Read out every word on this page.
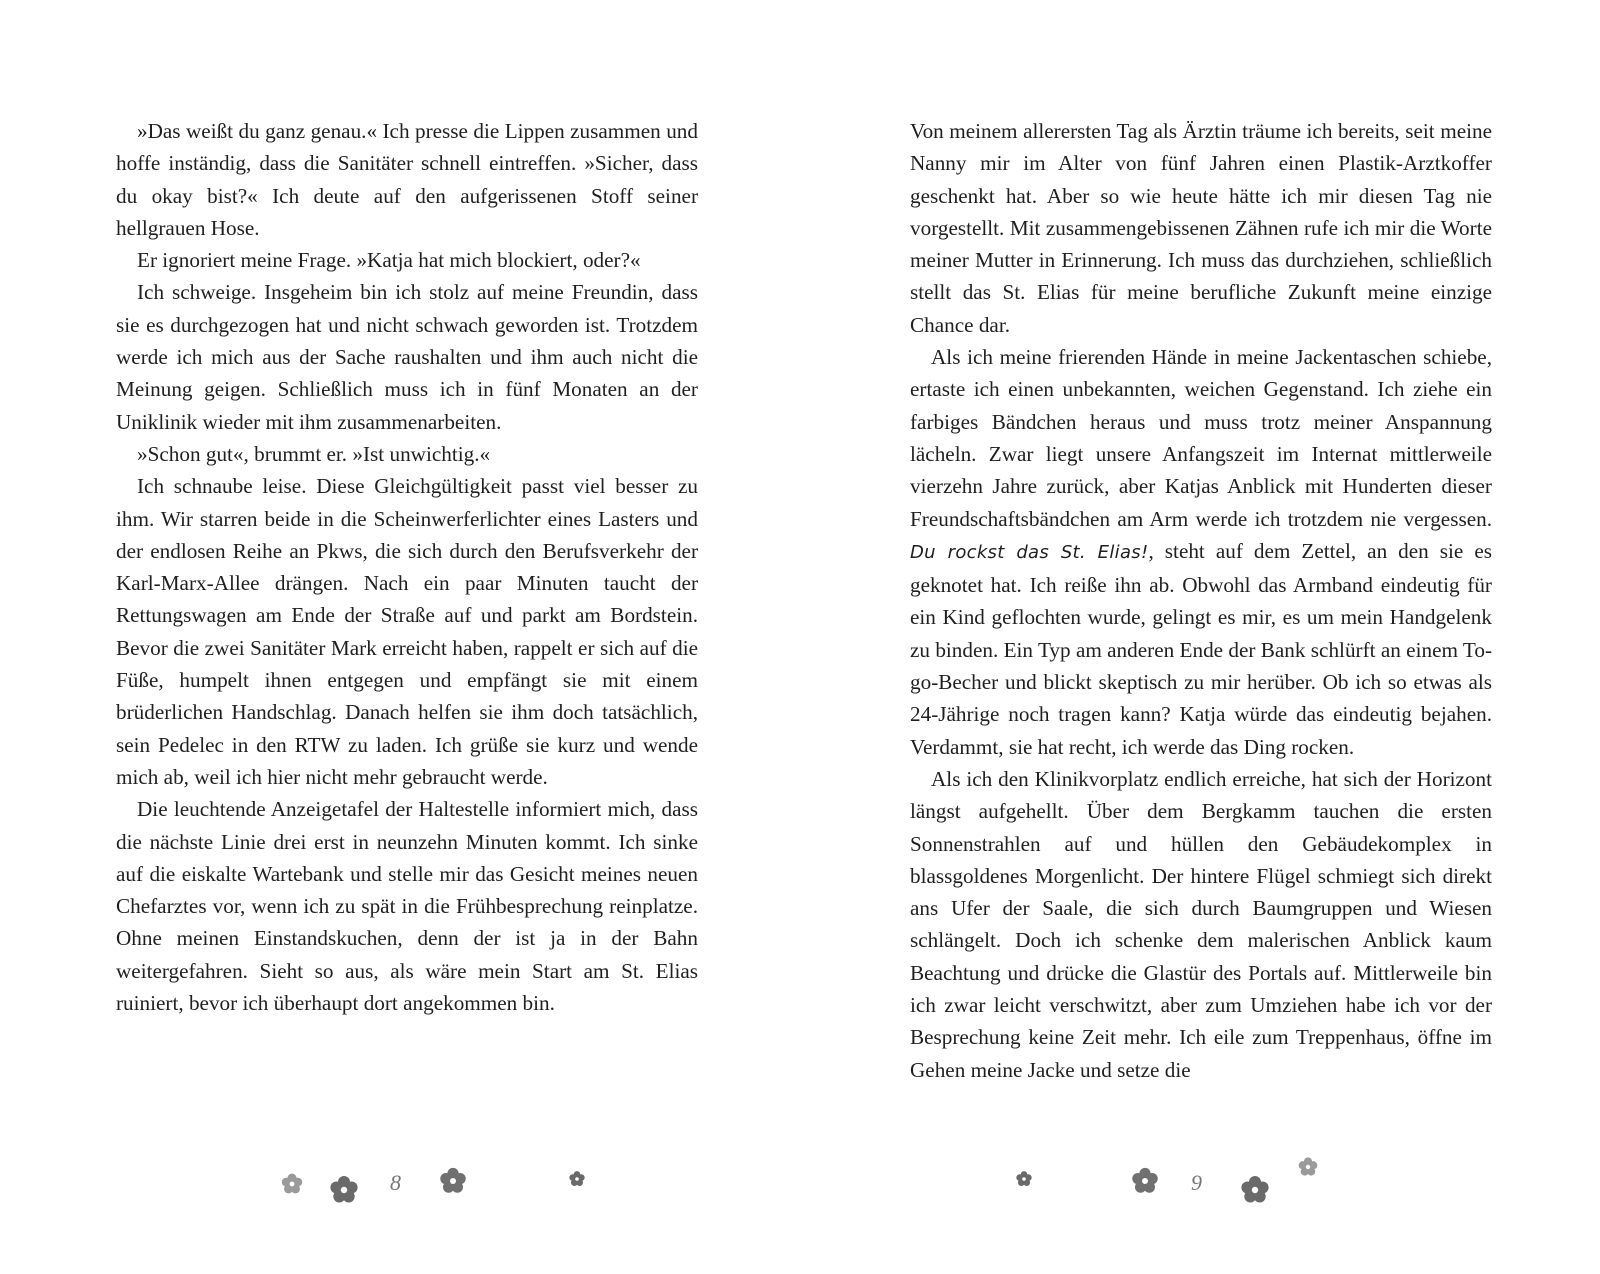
»Das weißt du ganz genau.« Ich presse die Lippen zusammen und hoffe inständig, dass die Sanitäter schnell eintreffen. »Sicher, dass du okay bist?« Ich deute auf den aufgerissenen Stoff seiner hellgrauen Hose.

Er ignoriert meine Frage. »Katja hat mich blockiert, oder?«

Ich schweige. Insgeheim bin ich stolz auf meine Freundin, dass sie es durchgezogen hat und nicht schwach geworden ist. Trotzdem werde ich mich aus der Sache raushalten und ihm auch nicht die Meinung geigen. Schließlich muss ich in fünf Monaten an der Uniklinik wieder mit ihm zusammenarbeiten.

»Schon gut«, brummt er. »Ist unwichtig.«

Ich schnaube leise. Diese Gleichgültigkeit passt viel besser zu ihm. Wir starren beide in die Scheinwerferlichter eines Lasters und der endlosen Reihe an Pkws, die sich durch den Berufsverkehr der Karl-Marx-Allee drängen. Nach ein paar Minuten taucht der Rettungswagen am Ende der Straße auf und parkt am Bordstein. Bevor die zwei Sanitäter Mark erreicht haben, rappelt er sich auf die Füße, humpelt ihnen entgegen und empfängt sie mit einem brüderlichen Handschlag. Danach helfen sie ihm doch tatsächlich, sein Pedelec in den RTW zu laden. Ich grüße sie kurz und wende mich ab, weil ich hier nicht mehr gebraucht werde.

Die leuchtende Anzeigetafel der Haltestelle informiert mich, dass die nächste Linie drei erst in neunzehn Minuten kommt. Ich sinke auf die eiskalte Wartebank und stelle mir das Gesicht meines neuen Chefarztes vor, wenn ich zu spät in die Frühbesprechung reinplatze. Ohne meinen Einstandskuchen, denn der ist ja in der Bahn weitergefahren. Sieht so aus, als wäre mein Start am St. Elias ruiniert, bevor ich überhaupt dort angekommen bin.

Von meinem allerersten Tag als Ärztin träume ich bereits, seit meine Nanny mir im Alter von fünf Jahren einen Plastik-Arztkoffer geschenkt hat. Aber so wie heute hätte ich mir diesen Tag nie vorgestellt. Mit zusammengebissenen Zähnen rufe ich mir die Worte meiner Mutter in Erinnerung. Ich muss das durchziehen, schließlich stellt das St. Elias für meine berufliche Zukunft meine einzige Chance dar.

Als ich meine frierenden Hände in meine Jackentaschen schiebe, ertaste ich einen unbekannten, weichen Gegenstand. Ich ziehe ein farbiges Bändchen heraus und muss trotz meiner Anspannung lächeln. Zwar liegt unsere Anfangszeit im Internat mittlerweile vierzehn Jahre zurück, aber Katjas Anblick mit Hunderten dieser Freundschaftsbändchen am Arm werde ich trotzdem nie vergessen. Du rockst das St. Elias!, steht auf dem Zettel, an den sie es geknotet hat. Ich reiße ihn ab. Obwohl das Armband eindeutig für ein Kind geflochten wurde, gelingt es mir, es um mein Handgelenk zu binden. Ein Typ am anderen Ende der Bank schlürft an einem To-go-Becher und blickt skeptisch zu mir herüber. Ob ich so etwas als 24-Jährige noch tragen kann? Katja würde das eindeutig bejahen. Verdammt, sie hat recht, ich werde das Ding rocken.

Als ich den Klinikvorplatz endlich erreiche, hat sich der Horizont längst aufgehellt. Über dem Bergkamm tauchen die ersten Sonnenstrahlen auf und hüllen den Gebäudekomplex in blassgoldenes Morgenlicht. Der hintere Flügel schmiegt sich direkt ans Ufer der Saale, die sich durch Baumgruppen und Wiesen schlängelt. Doch ich schenke dem malerischen Anblick kaum Beachtung und drücke die Glastür des Portals auf. Mittlerweile bin ich zwar leicht verschwitzt, aber zum Umziehen habe ich vor der Besprechung keine Zeit mehr. Ich eile zum Treppenhaus, öffne im Gehen meine Jacke und setze die

8	9
